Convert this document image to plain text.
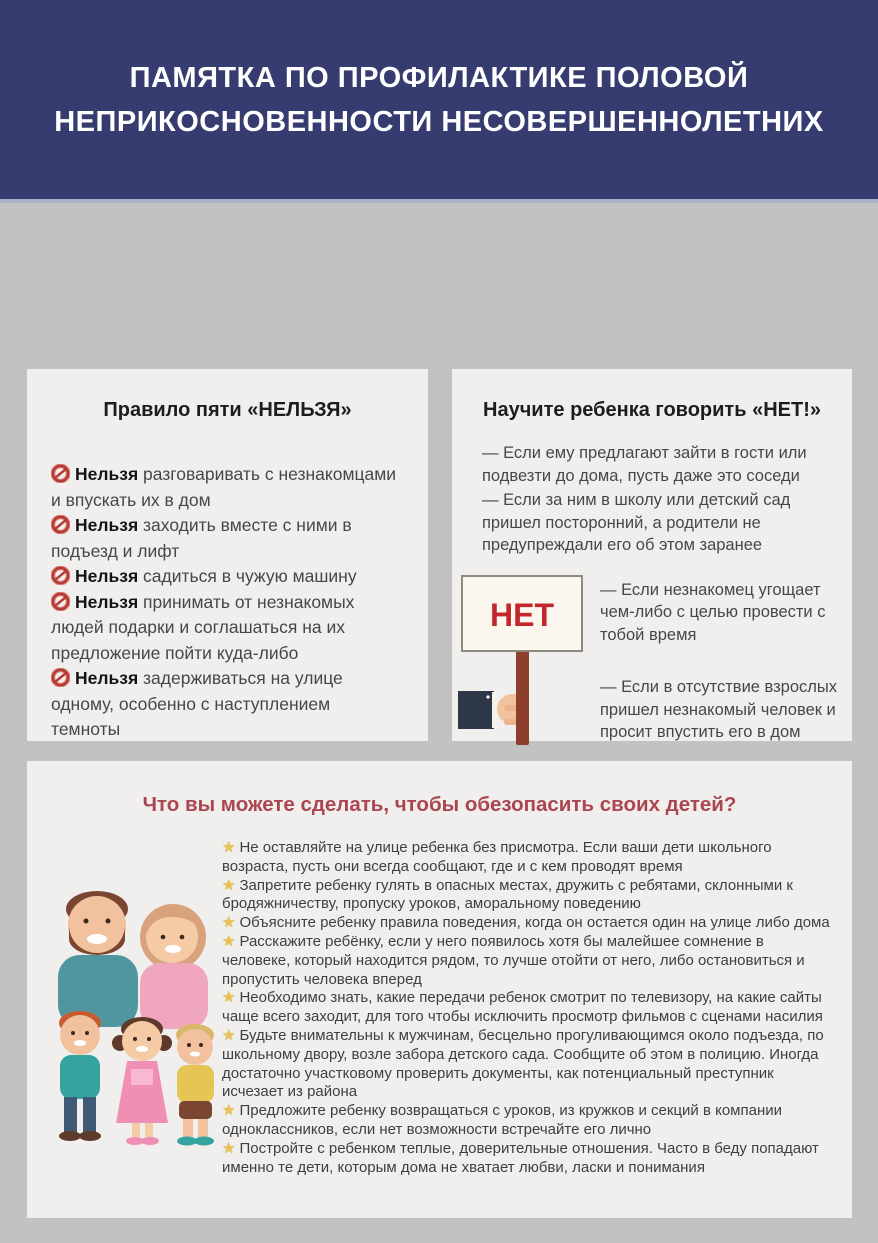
ПАМЯТКА ПО ПРОФИЛАКТИКЕ ПОЛОВОЙ
НЕПРИКОСНОВЕННОСТИ НЕСОВЕРШЕННОЛЕТНИХ
Правило пяти «НЕЛЬЗЯ»

Нельзя разговаривать с незнакомцами и впускать их в дом

Нельзя заходить вместе с ними в подъезд и лифт

Нельзя садиться в чужую машину

Нельзя принимать от незнакомых людей подарки и соглашаться на их предложение пойти куда-либо

Нельзя задерживаться на улице одному, особенно с наступлением темноты

Научите ребенка говорить «НЕТ!»

— Если ему предлагают зайти в гости или подвезти до дома, пусть даже это соседи

— Если за ним в школу или детский сад пришел посторонний, а родители не предупреждали его об этом заранее

НЕТ

— Если незнакомец угощает чем-либо с целью провести с тобой время

— Если в отсутствие взрослых пришел незнакомый человек и просит впустить его в дом

Что вы можете сделать, чтобы обезопасить своих детей?

★ Не оставляйте на улице ребенка без присмотра. Если ваши дети школьного возраста, пусть они всегда сообщают, где и с кем проводят время

★ Запретите ребенку гулять в опасных местах, дружить с ребятами, склонными к бродяжничеству, пропуску уроков, аморальному поведению

★ Объясните ребенку правила поведения, когда он остается один на улице либо дома

★ Расскажите ребёнку, если у него появилось хотя бы малейшее сомнение в человеке, который находится рядом, то лучше отойти от него, либо остановиться и пропустить человека вперед

★ Необходимо знать, какие передачи ребенок смотрит по телевизору, на какие сайты чаще всего заходит, для того чтобы исключить просмотр фильмов с сценами насилия

★ Будьте внимательны к мужчинам, бесцельно прогуливающимся около подъезда, по школьному двору, возле забора детского сада. Сообщите об этом в полицию. Иногда достаточно участковому проверить документы, как потенциальный преступник исчезает из района

★ Предложите ребенку возвращаться с уроков, из кружков и секций в компании одноклассников, если нет возможности встречайте его лично

★ Постройте с ребенком теплые, доверительные отношения. Часто в беду попадают именно те дети, которым дома не хватает любви, ласки и понимания
